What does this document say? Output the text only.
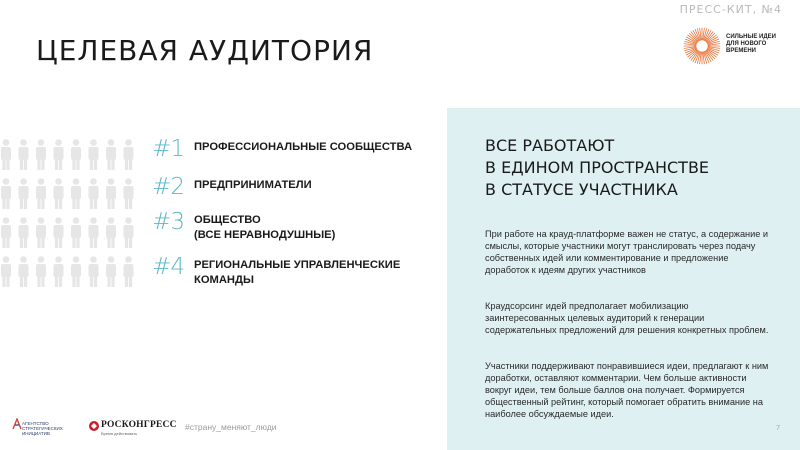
ЦЕЛЕВАЯ АУДИТОРИЯ
ПРЕСС-КИТ, №4
СИЛЬНЫЕ ИДЕИ ДЛЯ НОВОГО ВРЕМЕНИ
#1 ПРОФЕССИОНАЛЬНЫЕ СООБЩЕСТВА
#2 ПРЕДПРИНИМАТЕЛИ
#3 ОБЩЕСТВО
(ВСЕ НЕРАВНОДУШНЫЕ)
#4 РЕГИОНАЛЬНЫЕ УПРАВЛЕНЧЕСКИЕ
КОМАНДЫ
ВСЕ РАБОТАЮТ
В ЕДИНОМ ПРОСТРАНСТВЕ
В СТАТУСЕ УЧАСТНИКА
При работе на крауд-платформе важен не статус, а содержание и смыслы, которые участники могут транслировать через подачу собственных идей или комментирование и предложение доработок к идеям других участников
Краудсорсинг идей предполагает мобилизацию заинтересованных целевых аудиторий к генерации содержательных предложений для решения конкретных проблем.
Участники поддерживают понравившиеся идеи, предлагают к ним доработки, оставляют комментарии. Чем больше активности вокруг идеи, тем больше баллов она получает. Формируется общественный рейтинг, который помогает обратить внимание на наиболее обсуждаемые идеи.
7
АГЕНТСТВО
СТРАТЕГИЧЕСКИХ
ИНИЦИАТИВ
РОСКОНГРЕСС
Время действовать
#страну_меняют_люди
